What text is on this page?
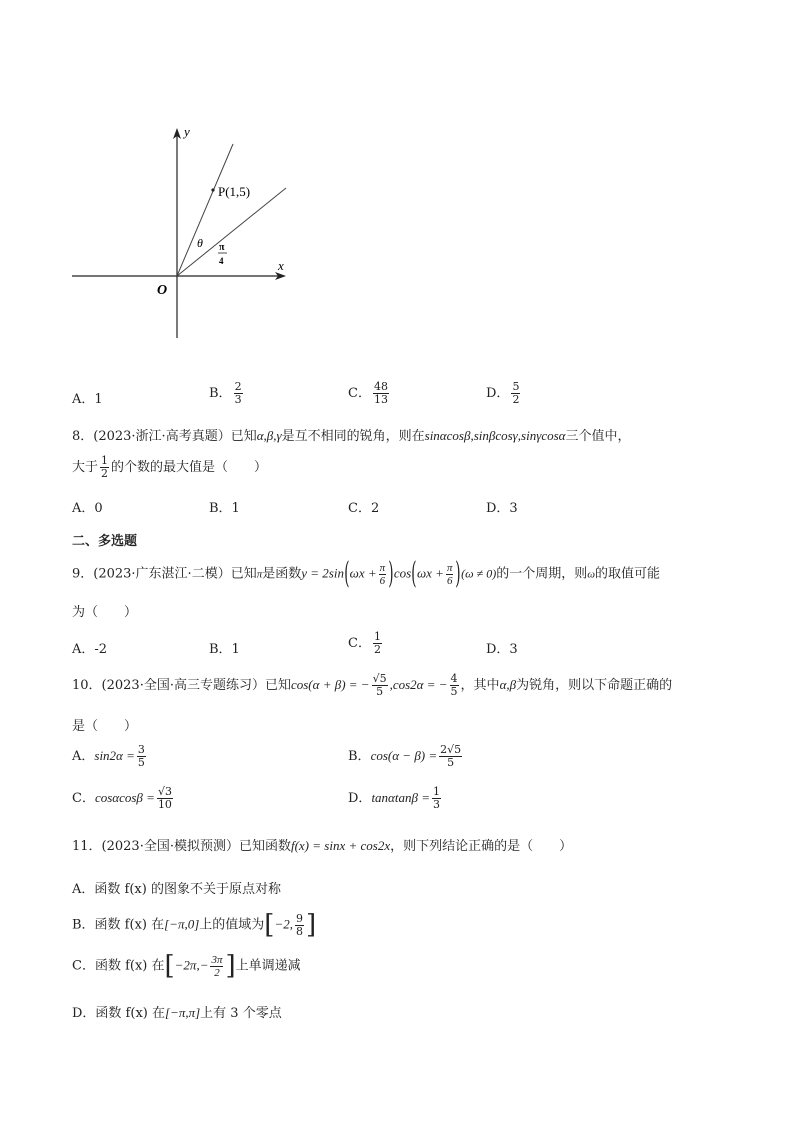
y
x
O
P(1,5)
θ π
4
A．1	B． $\frac{2}{3}$	C． $\frac{48}{13}$	D． $\frac{5}{2}$
8．(2023·浙江·高考真题）已知α,β,γ是互不相同的锐角，则在sinαcosβ,sinβcosγ,sinγcosα三个值中，
大于 $\frac{1}{2}$ 的个数的最大值是（　　）
A．0	B．1	C．2	D．3
二、多选题
9．(2023·广东湛江·二模）已知π是函数$y = 2\sin(\omega x + \frac{\pi}{6} )\cos(\omega x + \frac{\pi}{6} )(\omega \ne 0)$的一个周期，则ω的取值可能
为（　　）
A．-2	B．1	C． $\frac{1}{2}$	D．3
10．(2023·全国·高三专题练习）已知cos(α + β) = − $\frac{√5}{5} ,\cos 2\alpha$ = − $\frac{4}{5}$ ，其中α,β为锐角，则以下命题正确的
是（　　）
A．$\sin 2\alpha = \frac{3}{5}$	B．$\cos(\alpha - \beta) = \frac{2√5}{5}$
C．$\cos\alpha\cos\beta = \frac{√3}{10}$	D．$\tan\alpha\tan\beta = \frac{1}{3}$
11．(2023·全国·模拟预测）已知函数f(x) = sinx + cos2x，则下列结论正确的是（　　）
A．函数 f(x) 的图象不关于原点对称
B．函数 f(x) 在[−π,0]上的值域为[−2, $\frac{9}{8}$ ]
C．函数 f(x) 在[$-2\pi,- \frac{3\pi}{2}$ ]上单调递减
D．函数 f(x) 在[−π,π]上有 3 个零点
